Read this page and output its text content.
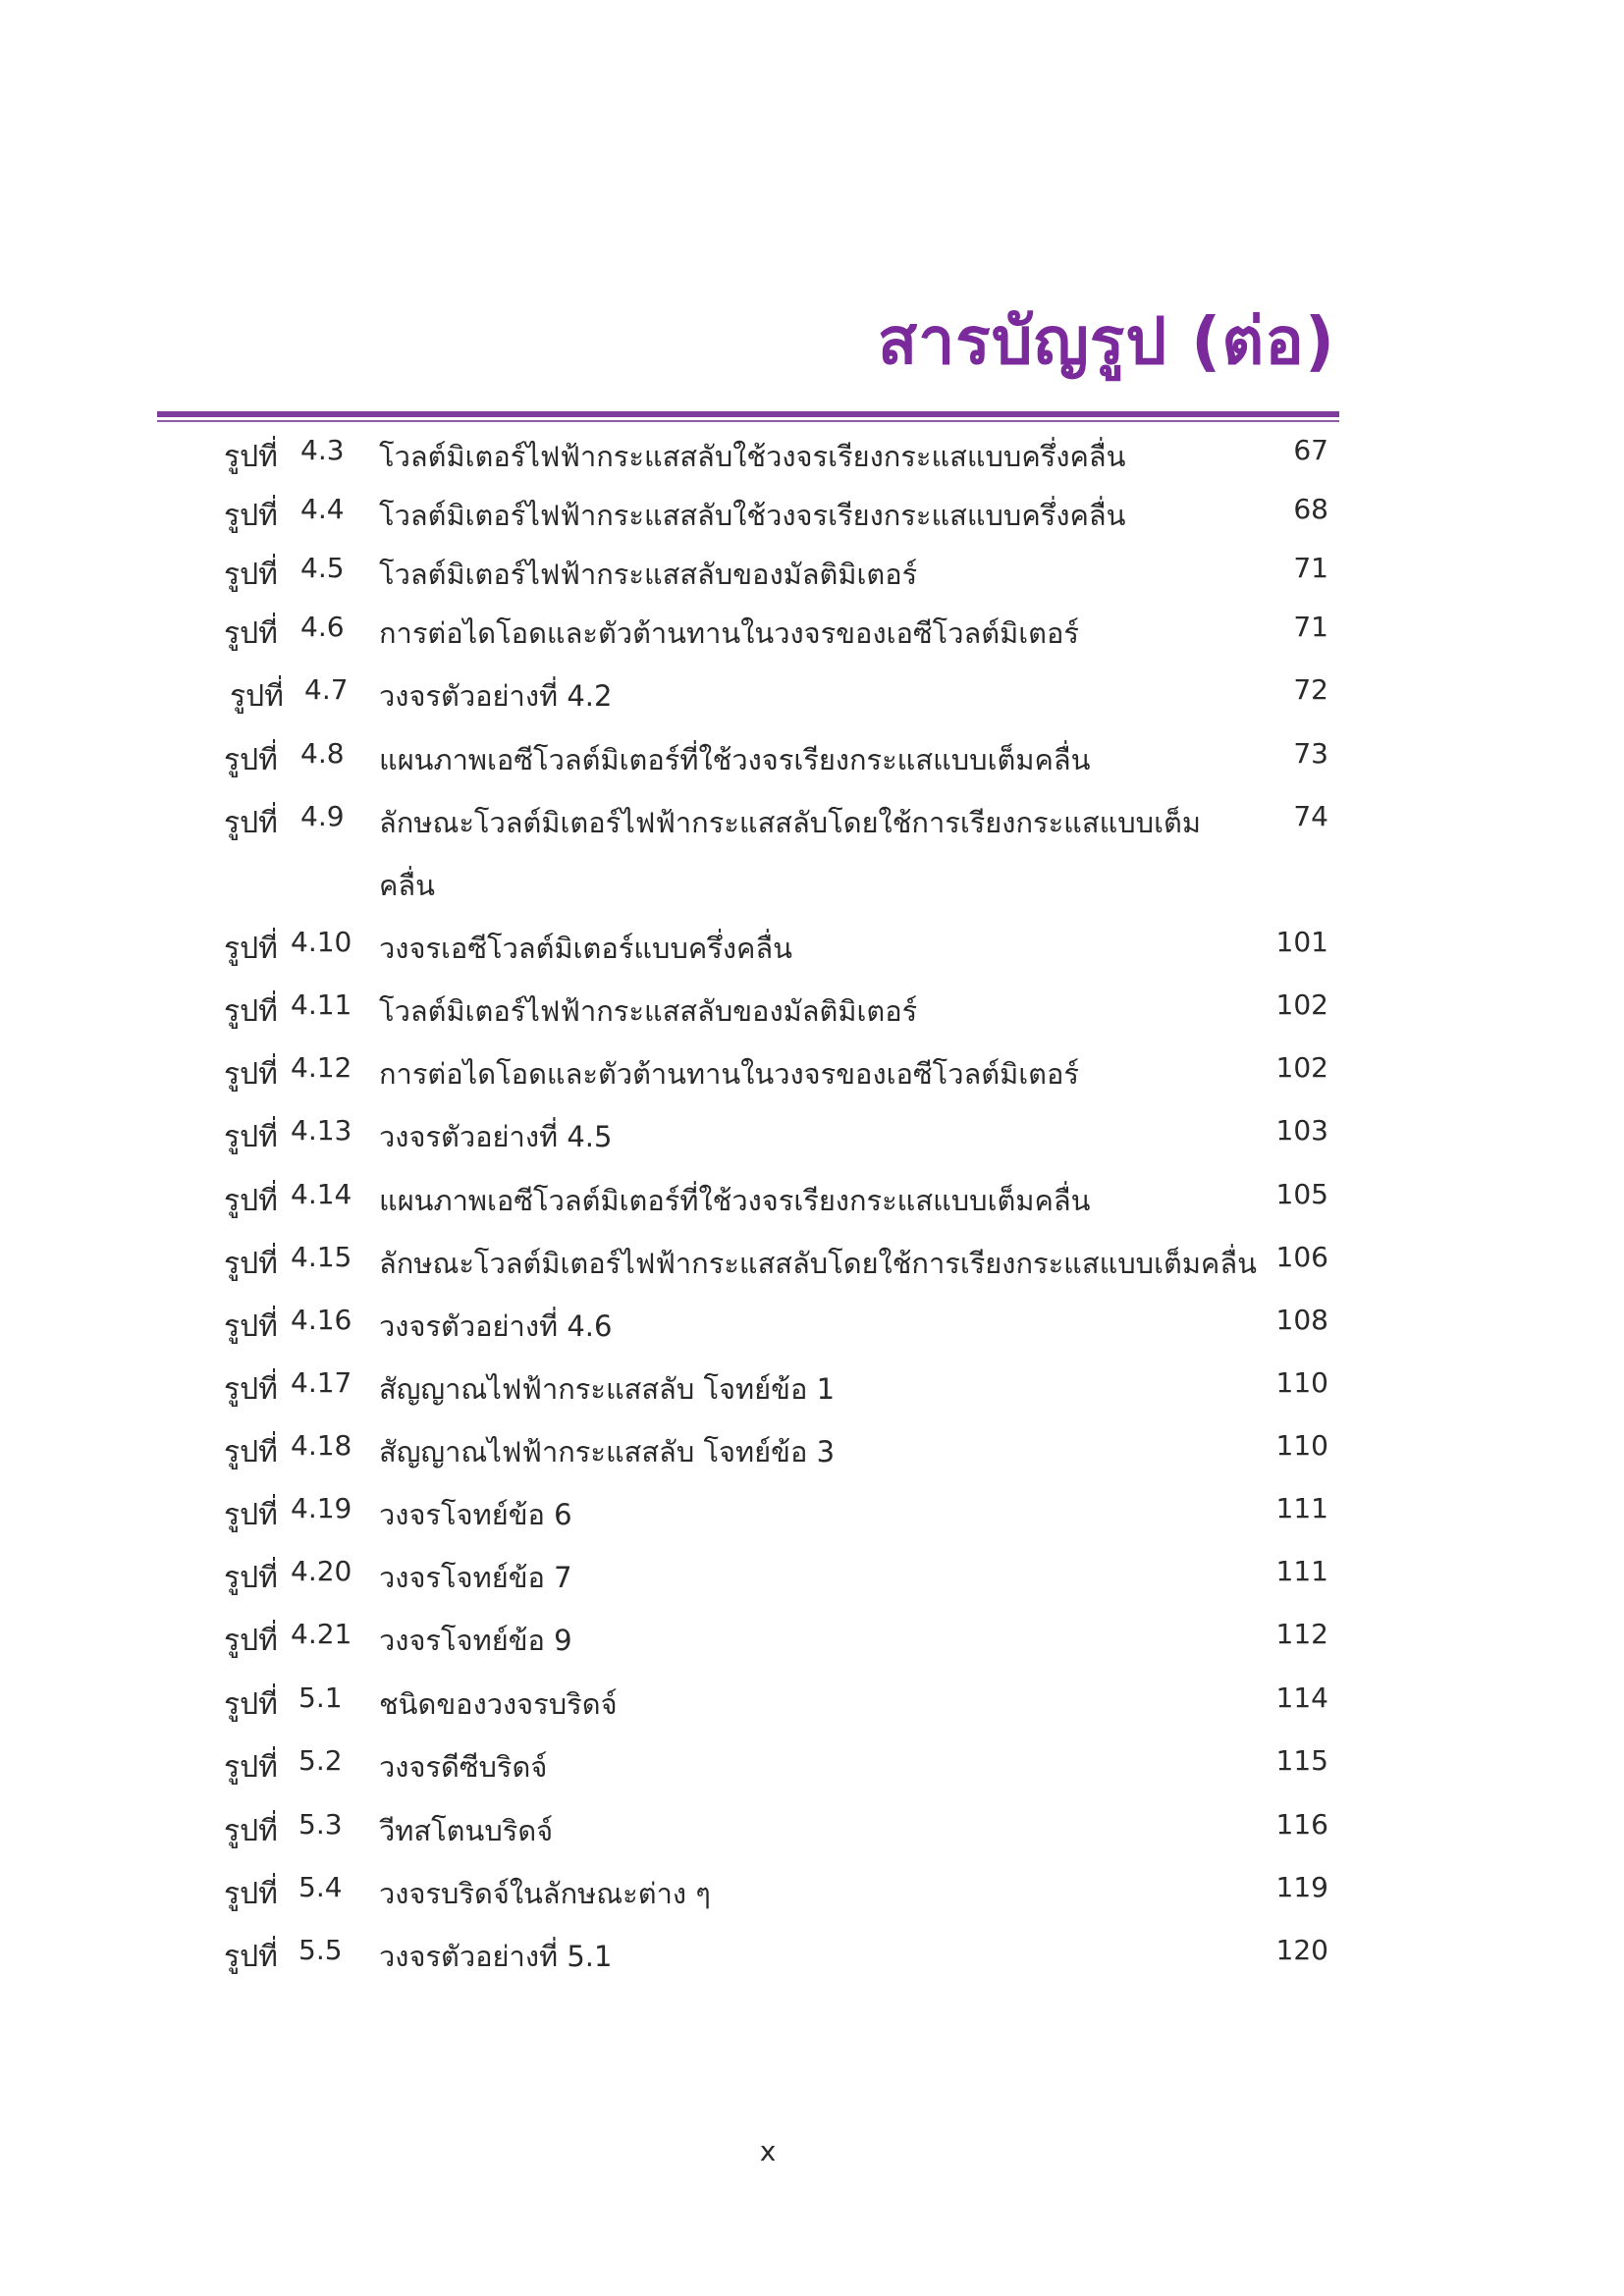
สารบัญรูป (ต่อ)
รูปที่ 4.3 โวลต์มิเตอร์ไฟฟ้ากระแสสลับใช้วงจรเรียงกระแสแบบครึ่งคลื่น	67
รูปที่ 4.4 โวลต์มิเตอร์ไฟฟ้ากระแสสลับใช้วงจรเรียงกระแสแบบครึ่งคลื่น	68
รูปที่ 4.5 โวลต์มิเตอร์ไฟฟ้ากระแสสลับของมัลติมิเตอร์	71
รูปที่ 4.6 การต่อไดโอดและตัวต้านทานในวงจรของเอซีโวลต์มิเตอร์	71
รูปที่ 4.7 วงจรตัวอย่างที่ 4.2	72
รูปที่ 4.8 แผนภาพเอซีโวลต์มิเตอร์ที่ใช้วงจรเรียงกระแสแบบเต็มคลื่น	73
รูปที่ 4.9 ลักษณะโวลต์มิเตอร์ไฟฟ้ากระแสสลับโดยใช้การเรียงกระแสแบบเต็ม	74
คลื่น
รูปที่ 4.10 วงจรเอซีโวลต์มิเตอร์แบบครึ่งคลื่น	101
รูปที่ 4.11 โวลต์มิเตอร์ไฟฟ้ากระแสสลับของมัลติมิเตอร์	102
รูปที่ 4.12 การต่อไดโอดและตัวต้านทานในวงจรของเอซีโวลต์มิเตอร์	102
รูปที่ 4.13 วงจรตัวอย่างที่ 4.5	103
รูปที่ 4.14 แผนภาพเอซีโวลต์มิเตอร์ที่ใช้วงจรเรียงกระแสแบบเต็มคลื่น	105
รูปที่ 4.15 ลักษณะโวลต์มิเตอร์ไฟฟ้ากระแสสลับโดยใช้การเรียงกระแสแบบเต็มคลื่น 106
รูปที่ 4.16 วงจรตัวอย่างที่ 4.6	108
รูปที่ 4.17 สัญญาณไฟฟ้ากระแสสลับ โจทย์ข้อ 1	110
รูปที่ 4.18 สัญญาณไฟฟ้ากระแสสลับ โจทย์ข้อ 3	110
รูปที่ 4.19 วงจรโจทย์ข้อ 6	111
รูปที่ 4.20 วงจรโจทย์ข้อ 7	111
รูปที่ 4.21 วงจรโจทย์ข้อ 9	112
รูปที่ 5.1 ชนิดของวงจรบริดจ์	114
รูปที่ 5.2 วงจรดีซีบริดจ์	115
รูปที่ 5.3 วีทสโตนบริดจ์	116
รูปที่ 5.4 วงจรบริดจ์ในลักษณะต่าง ๆ	119
รูปที่ 5.5 วงจรตัวอย่างที่ 5.1	120
x
